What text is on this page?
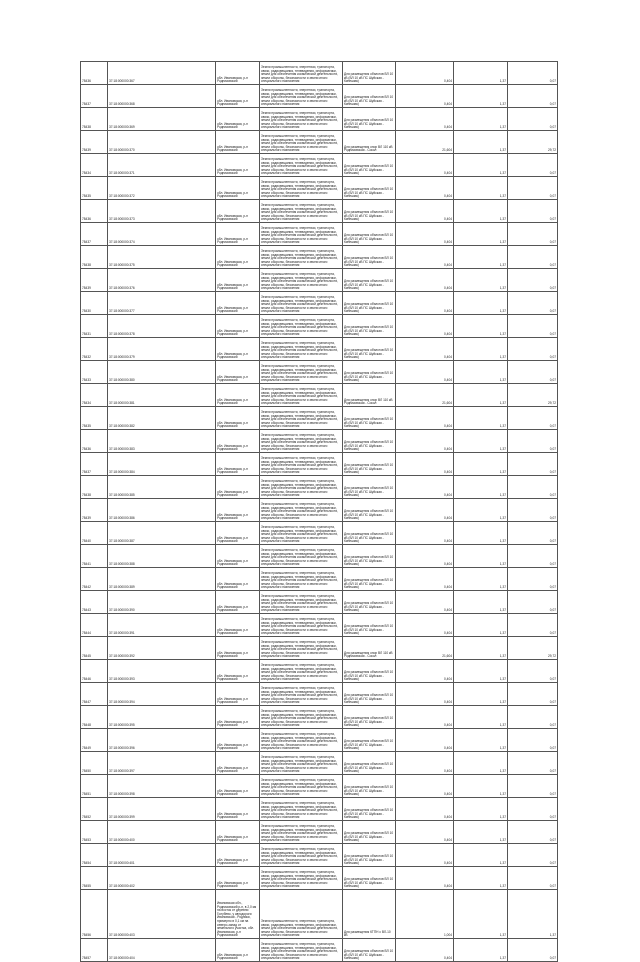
78436	37:18:000000:367	обл. Ивановская, р-н Родниковский	Земли промышленности, энергетики, транспорта, связи, радиовещания, телевидения, информатики, земли для обеспечения космической деятельности, земли обороны, безопасности и земли иного специального назначения	Для размещения объектов ВЛ 10 кВ (ВЛ 10 кВ ПС Шуйская - Кинешма)	0,404	1,37	0,07
78437	37:18:000000:368	обл. Ивановская, р-н Родниковский	Земли промышленности, энергетики, транспорта, связи, радиовещания, телевидения, информатики, земли для обеспечения космической деятельности, земли обороны, безопасности и земли иного специального назначения	Для размещения объектов ВЛ 10 кВ (ВЛ 10 кВ ПС Шуйская - Кинешма)	0,404	1,37	0,07
78438	37:18:000000:369	обл. Ивановская, р-н Родниковский	Земли промышленности, энергетики, транспорта, связи, радиовещания, телевидения, информатики, земли для обеспечения космической деятельности, земли обороны, безопасности и земли иного специального назначения	Для размещения объектов ВЛ 10 кВ (ВЛ 10 кВ ПС Шуйская - Кинешма)	0,404	1,37	0,07
78439	37:18:000000:370	обл. Ивановская, р-н Родниковский	Земли промышленности, энергетики, транспорта, связи, радиовещания, телевидения, информатики, земли для обеспечения космической деятельности, земли обороны, безопасности и земли иного специального назначения	Для размещения опор ВЛ 110 кВ Родниковская - Сокол	21,604	1,37	29,72
78434	37:18:000000:371	обл. Ивановская, р-н Родниковский	Земли промышленности, энергетики, транспорта, связи, радиовещания, телевидения, информатики, земли для обеспечения космической деятельности, земли обороны, безопасности и земли иного специального назначения	Для размещения объектов ВЛ 10 кВ (ВЛ 10 кВ ПС Шуйская - Кинешма)	0,404	1,37	0,07
78435	37:18:000000:372	обл. Ивановская, р-н Родниковский	Земли промышленности, энергетики, транспорта, связи, радиовещания, телевидения, информатики, земли для обеспечения космической деятельности, земли обороны, безопасности и земли иного специального назначения	Для размещения объектов ВЛ 10 кВ (ВЛ 10 кВ ПС Шуйская - Кинешма)	0,404	1,37	0,07
78436	37:18:000000:373	обл. Ивановская, р-н Родниковский	Земли промышленности, энергетики, транспорта, связи, радиовещания, телевидения, информатики, земли для обеспечения космической деятельности, земли обороны, безопасности и земли иного специального назначения	Для размещения объектов ВЛ 10 кВ (ВЛ 10 кВ ПС Шуйская - Кинешма)	0,404	1,37	0,07
78437	37:18:000000:374	обл. Ивановская, р-н Родниковский	Земли промышленности, энергетики, транспорта, связи, радиовещания, телевидения, информатики, земли для обеспечения космической деятельности, земли обороны, безопасности и земли иного специального назначения	Для размещения объектов ВЛ 10 кВ (ВЛ 10 кВ ПС Шуйская - Кинешма)	0,404	1,37	0,07
78438	37:18:000000:375	обл. Ивановская, р-н Родниковский	Земли промышленности, энергетики, транспорта, связи, радиовещания, телевидения, информатики, земли для обеспечения космической деятельности, земли обороны, безопасности и земли иного специального назначения	Для размещения объектов ВЛ 10 кВ (ВЛ 10 кВ ПС Шуйская - Кинешма)	0,404	1,37	0,07
78439	37:18:000000:376	обл. Ивановская, р-н Родниковский	Земли промышленности, энергетики, транспорта, связи, радиовещания, телевидения, информатики, земли для обеспечения космической деятельности, земли обороны, безопасности и земли иного специального назначения	Для размещения объектов ВЛ 10 кВ (ВЛ 10 кВ ПС Шуйская - Кинешма)	0,404	1,37	0,07
78430	37:18:000000:377	обл. Ивановская, р-н Родниковский	Земли промышленности, энергетики, транспорта, связи, радиовещания, телевидения, информатики, земли для обеспечения космической деятельности, земли обороны, безопасности и земли иного специального назначения	Для размещения объектов ВЛ 10 кВ (ВЛ 10 кВ ПС Шуйская - Кинешма)	0,404	1,37	0,07
78431	37:18:000000:378	обл. Ивановская, р-н Родниковский	Земли промышленности, энергетики, транспорта, связи, радиовещания, телевидения, информатики, земли для обеспечения космической деятельности, земли обороны, безопасности и земли иного специального назначения	Для размещения объектов ВЛ 10 кВ (ВЛ 10 кВ ПС Шуйская - Кинешма)	0,404	1,37	0,07
78432	37:18:000000:379	обл. Ивановская, р-н Родниковский	Земли промышленности, энергетики, транспорта, связи, радиовещания, телевидения, информатики, земли для обеспечения космической деятельности, земли обороны, безопасности и земли иного специального назначения	Для размещения объектов ВЛ 10 кВ (ВЛ 10 кВ ПС Шуйская - Кинешма)	0,404	1,37	0,07
78433	37:18:000000:380	обл. Ивановская, р-н Родниковский	Земли промышленности, энергетики, транспорта, связи, радиовещания, телевидения, информатики, земли для обеспечения космической деятельности, земли обороны, безопасности и земли иного специального назначения	Для размещения объектов ВЛ 10 кВ (ВЛ 10 кВ ПС Шуйская - Кинешма)	0,404	1,37	0,07
78434	37:18:000000:381	обл. Ивановская, р-н Родниковский	Земли промышленности, энергетики, транспорта, связи, радиовещания, телевидения, информатики, земли для обеспечения космической деятельности, земли обороны, безопасности и земли иного специального назначения	Для размещения опор ВЛ 110 кВ Родниковская - Сокол	21,604	1,37	29,72
78435	37:18:000000:382	обл. Ивановская, р-н Родниковский	Земли промышленности, энергетики, транспорта, связи, радиовещания, телевидения, информатики, земли для обеспечения космической деятельности, земли обороны, безопасности и земли иного специального назначения	Для размещения объектов ВЛ 10 кВ (ВЛ 10 кВ ПС Шуйская - Кинешма)	0,404	1,37	0,07
78436	37:18:000000:383	обл. Ивановская, р-н Родниковский	Земли промышленности, энергетики, транспорта, связи, радиовещания, телевидения, информатики, земли для обеспечения космической деятельности, земли обороны, безопасности и земли иного специального назначения	Для размещения объектов ВЛ 10 кВ (ВЛ 10 кВ ПС Шуйская - Кинешма)	0,404	1,37	0,07
78437	37:18:000000:384	обл. Ивановская, р-н Родниковский	Земли промышленности, энергетики, транспорта, связи, радиовещания, телевидения, информатики, земли для обеспечения космической деятельности, земли обороны, безопасности и земли иного специального назначения	Для размещения объектов ВЛ 10 кВ (ВЛ 10 кВ ПС Шуйская - Кинешма)	0,404	1,37	0,07
78438	37:18:000000:385	обл. Ивановская, р-н Родниковский	Земли промышленности, энергетики, транспорта, связи, радиовещания, телевидения, информатики, земли для обеспечения космической деятельности, земли обороны, безопасности и земли иного специального назначения	Для размещения объектов ВЛ 10 кВ (ВЛ 10 кВ ПС Шуйская - Кинешма)	0,404	1,37	0,07
78439	37:18:000000:386	обл. Ивановская, р-н Родниковский	Земли промышленности, энергетики, транспорта, связи, радиовещания, телевидения, информатики, земли для обеспечения космической деятельности, земли обороны, безопасности и земли иного специального назначения	Для размещения объектов ВЛ 10 кВ (ВЛ 10 кВ ПС Шуйская - Кинешма)	0,404	1,37	0,07
78440	37:18:000000:387	обл. Ивановская, р-н Родниковский	Земли промышленности, энергетики, транспорта, связи, радиовещания, телевидения, информатики, земли для обеспечения космической деятельности, земли обороны, безопасности и земли иного специального назначения	Для размещения объектов ВЛ 10 кВ (ВЛ 10 кВ ПС Шуйская - Кинешма)	0,404	1,37	0,07
78441	37:18:000000:388	обл. Ивановская, р-н Родниковский	Земли промышленности, энергетики, транспорта, связи, радиовещания, телевидения, информатики, земли для обеспечения космической деятельности, земли обороны, безопасности и земли иного специального назначения	Для размещения объектов ВЛ 10 кВ (ВЛ 10 кВ ПС Шуйская - Кинешма)	0,404	1,37	0,07
78442	37:18:000000:389	обл. Ивановская, р-н Родниковский	Земли промышленности, энергетики, транспорта, связи, радиовещания, телевидения, информатики, земли для обеспечения космической деятельности, земли обороны, безопасности и земли иного специального назначения	Для размещения объектов ВЛ 10 кВ (ВЛ 10 кВ ПС Шуйская - Кинешма)	0,404	1,37	0,07
78443	37:18:000000:390	обл. Ивановская, р-н Родниковский	Земли промышленности, энергетики, транспорта, связи, радиовещания, телевидения, информатики, земли для обеспечения космической деятельности, земли обороны, безопасности и земли иного специального назначения	Для размещения объектов ВЛ 10 кВ (ВЛ 10 кВ ПС Шуйская - Кинешма)	0,404	1,37	0,07
78444	37:18:000000:391	обл. Ивановская, р-н Родниковский	Земли промышленности, энергетики, транспорта, связи, радиовещания, телевидения, информатики, земли для обеспечения космической деятельности, земли обороны, безопасности и земли иного специального назначения	Для размещения объектов ВЛ 10 кВ (ВЛ 10 кВ ПС Шуйская - Кинешма)	0,404	1,37	0,07
78445	37:18:000000:392	обл. Ивановская, р-н Родниковский	Земли промышленности, энергетики, транспорта, связи, радиовещания, телевидения, информатики, земли для обеспечения космической деятельности, земли обороны, безопасности и земли иного специального назначения	Для размещения опор ВЛ 110 кВ Родниковская - Сокол	21,604	1,37	29,72
78446	37:18:000000:393	обл. Ивановская, р-н Родниковский	Земли промышленности, энергетики, транспорта, связи, радиовещания, телевидения, информатики, земли для обеспечения космической деятельности, земли обороны, безопасности и земли иного специального назначения	Для размещения объектов ВЛ 10 кВ (ВЛ 10 кВ ПС Шуйская - Кинешма)	0,404	1,37	0,07
78447	37:18:000000:394	обл. Ивановская, р-н Родниковский	Земли промышленности, энергетики, транспорта, связи, радиовещания, телевидения, информатики, земли для обеспечения космической деятельности, земли обороны, безопасности и земли иного специального назначения	Для размещения объектов ВЛ 10 кВ (ВЛ 10 кВ ПС Шуйская - Кинешма)	0,404	1,37	0,07
78448	37:18:000000:395	обл. Ивановская, р-н Родниковский	Земли промышленности, энергетики, транспорта, связи, радиовещания, телевидения, информатики, земли для обеспечения космической деятельности, земли обороны, безопасности и земли иного специального назначения	Для размещения объектов ВЛ 10 кВ (ВЛ 10 кВ ПС Шуйская - Кинешма)	0,404	1,37	0,07
78449	37:18:000000:396	обл. Ивановская, р-н Родниковский	Земли промышленности, энергетики, транспорта, связи, радиовещания, телевидения, информатики, земли для обеспечения космической деятельности, земли обороны, безопасности и земли иного специального назначения	Для размещения объектов ВЛ 10 кВ (ВЛ 10 кВ ПС Шуйская - Кинешма)	0,404	1,37	0,07
78450	37:18:000000:397	обл. Ивановская, р-н Родниковский	Земли промышленности, энергетики, транспорта, связи, радиовещания, телевидения, информатики, земли для обеспечения космической деятельности, земли обороны, безопасности и земли иного специального назначения	Для размещения объектов ВЛ 10 кВ (ВЛ 10 кВ ПС Шуйская - Кинешма)	0,404	1,37	0,07
78451	37:18:000000:398	обл. Ивановская, р-н Родниковский	Земли промышленности, энергетики, транспорта, связи, радиовещания, телевидения, информатики, земли для обеспечения космической деятельности, земли обороны, безопасности и земли иного специального назначения	Для размещения объектов ВЛ 10 кВ (ВЛ 10 кВ ПС Шуйская - Кинешма)	0,404	1,37	0,07
78452	37:18:000000:399	обл. Ивановская, р-н Родниковский	Земли промышленности, энергетики, транспорта, связи, радиовещания, телевидения, информатики, земли для обеспечения космической деятельности, земли обороны, безопасности и земли иного специального назначения	Для размещения объектов ВЛ 10 кВ (ВЛ 10 кВ ПС Шуйская - Кинешма)	0,404	1,37	0,07
78453	37:18:000000:400	обл. Ивановская, р-н Родниковский	Земли промышленности, энергетики, транспорта, связи, радиовещания, телевидения, информатики, земли для обеспечения космической деятельности, земли обороны, безопасности и земли иного специального назначения	Для размещения объектов ВЛ 10 кВ (ВЛ 10 кВ ПС Шуйская - Кинешма)	0,404	1,37	0,07
78454	37:18:000000:401	обл. Ивановская, р-н Родниковский	Земли промышленности, энергетики, транспорта, связи, радиовещания, телевидения, информатики, земли для обеспечения космической деятельности, земли обороны, безопасности и земли иного специального назначения	Для размещения объектов ВЛ 10 кВ (ВЛ 10 кВ ПС Шуйская - Кинешма)	0,404	1,37	0,07
78455	37:18:000000:402	обл. Ивановская, р-н Родниковский	Земли промышленности, энергетики, транспорта, связи, радиовещания, телевидения, информатики, земли для обеспечения космической деятельности, земли обороны, безопасности и земли иного специального назначения	Для размещения объектов ВЛ 10 кВ (ВЛ 10 кВ ПС Шуйская - Кинешма)	0,404	1,37	0,07
78456	37:18:000000:403	Ивановская обл., Родниковский р-н, в 2,0 км на восток от деревни Голубево, у автодороги Ивановская - Родники, примерно в 0,1 км на северо-запад от земельного участка, обл. Ивановская, р-н Родниковский	Земли промышленности, энергетики, транспорта, связи, радиовещания, телевидения, информатики, земли для обеспечения космической деятельности, земли обороны, безопасности и земли иного специального назначения	Для размещения КТПН с ВЛ-10 кВ	1,004	1,37	1,37
78457	37:18:000000:404	обл. Ивановская, р-н Родниковский	Земли промышленности, энергетики, транспорта, связи, радиовещания, телевидения, информатики, земли для обеспечения космической деятельности, земли обороны, безопасности и земли иного специального назначения	Для размещения объектов ВЛ 10 кВ (ВЛ 10 кВ ПС Шуйская - Кинешма)	0,404	1,37	0,07
